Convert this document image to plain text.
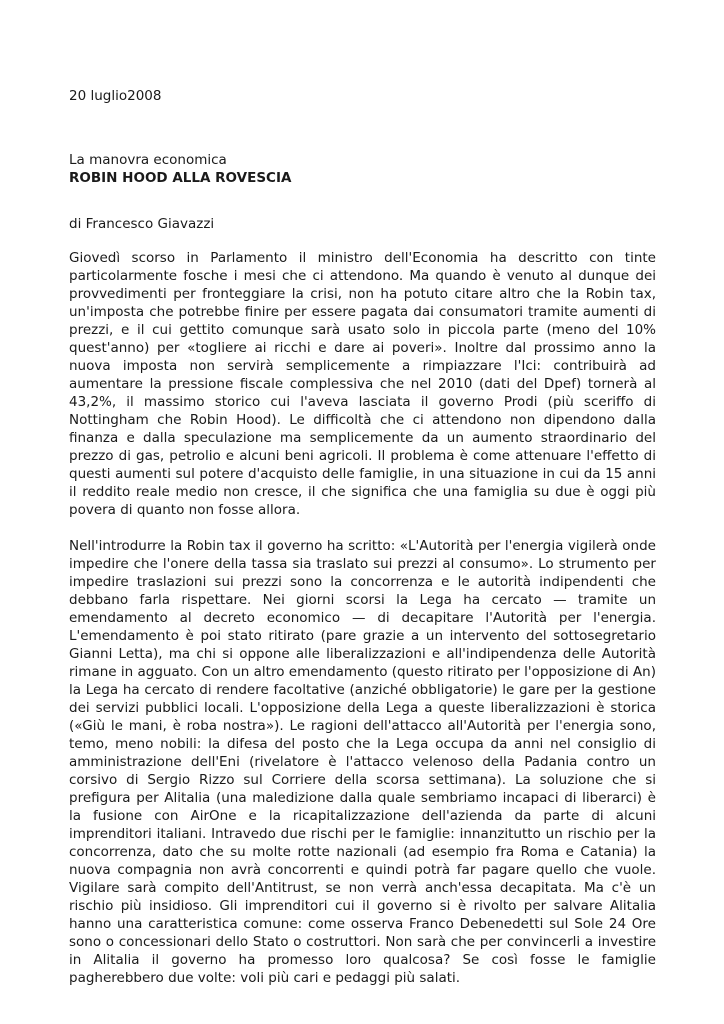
20 luglio2008
La manovra economica
ROBIN HOOD ALLA ROVESCIA
di Francesco Giavazzi

Giovedì scorso in Parlamento il ministro dell'Economia ha descritto con tinte particolarmente fosche i mesi che ci attendono. Ma quando è venuto al dunque dei provvedimenti per fronteggiare la crisi, non ha potuto citare altro che la Robin tax, un'imposta che potrebbe finire per essere pagata dai consumatori tramite aumenti di prezzi, e il cui gettito comunque sarà usato solo in piccola parte (meno del 10% quest'anno) per «togliere ai ricchi e dare ai poveri». Inoltre dal prossimo anno la nuova imposta non servirà semplicemente a rimpiazzare l'Ici: contribuirà ad aumentare la pressione fiscale complessiva che nel 2010 (dati del Dpef) tornerà al 43,2%, il massimo storico cui l'aveva lasciata il governo Prodi (più sceriffo di Nottingham che Robin Hood). Le difficoltà che ci attendono non dipendono dalla finanza e dalla speculazione ma semplicemente da un aumento straordinario del prezzo di gas, petrolio e alcuni beni agricoli. Il problema è come attenuare l'effetto di questi aumenti sul potere d'acquisto delle famiglie, in una situazione in cui da 15 anni il reddito reale medio non cresce, il che significa che una famiglia su due è oggi più povera di quanto non fosse allora.

Nell'introdurre la Robin tax il governo ha scritto: «L'Autorità per l'energia vigilerà onde impedire che l'onere della tassa sia traslato sui prezzi al consumo». Lo strumento per impedire traslazioni sui prezzi sono la concorrenza e le autorità indipendenti che debbano farla rispettare. Nei giorni scorsi la Lega ha cercato — tramite un emendamento al decreto economico — di decapitare l'Autorità per l'energia. L'emendamento è poi stato ritirato (pare grazie a un intervento del sottosegretario Gianni Letta), ma chi si oppone alle liberalizzazioni e all'indipendenza delle Autorità rimane in agguato. Con un altro emendamento (questo ritirato per l'opposizione di An) la Lega ha cercato di rendere facoltative (anziché obbligatorie) le gare per la gestione dei servizi pubblici locali. L'opposizione della Lega a queste liberalizzazioni è storica («Giù le mani, è roba nostra»). Le ragioni dell'attacco all'Autorità per l'energia sono, temo, meno nobili: la difesa del posto che la Lega occupa da anni nel consiglio di amministrazione dell'Eni (rivelatore è l'attacco velenoso della Padania contro un corsivo di Sergio Rizzo sul Corriere della scorsa settimana). La soluzione che si prefigura per Alitalia (una maledizione dalla quale sembriamo incapaci di liberarci) è la fusione con AirOne e la ricapitalizzazione dell'azienda da parte di alcuni imprenditori italiani. Intravedo due rischi per le famiglie: innanzitutto un rischio per la concorrenza, dato che su molte rotte nazionali (ad esempio fra Roma e Catania) la nuova compagnia non avrà concorrenti e quindi potrà far pagare quello che vuole. Vigilare sarà compito dell'Antitrust, se non verrà anch'essa decapitata. Ma c'è un rischio più insidioso. Gli imprenditori cui il governo si è rivolto per salvare Alitalia hanno una caratteristica comune: come osserva Franco Debenedetti sul Sole 24 Ore sono o concessionari dello Stato o costruttori. Non sarà che per convincerli a investire in Alitalia il governo ha promesso loro qualcosa? Se così fosse le famiglie pagherebbero due volte: voli più cari e pedaggi più salati.
